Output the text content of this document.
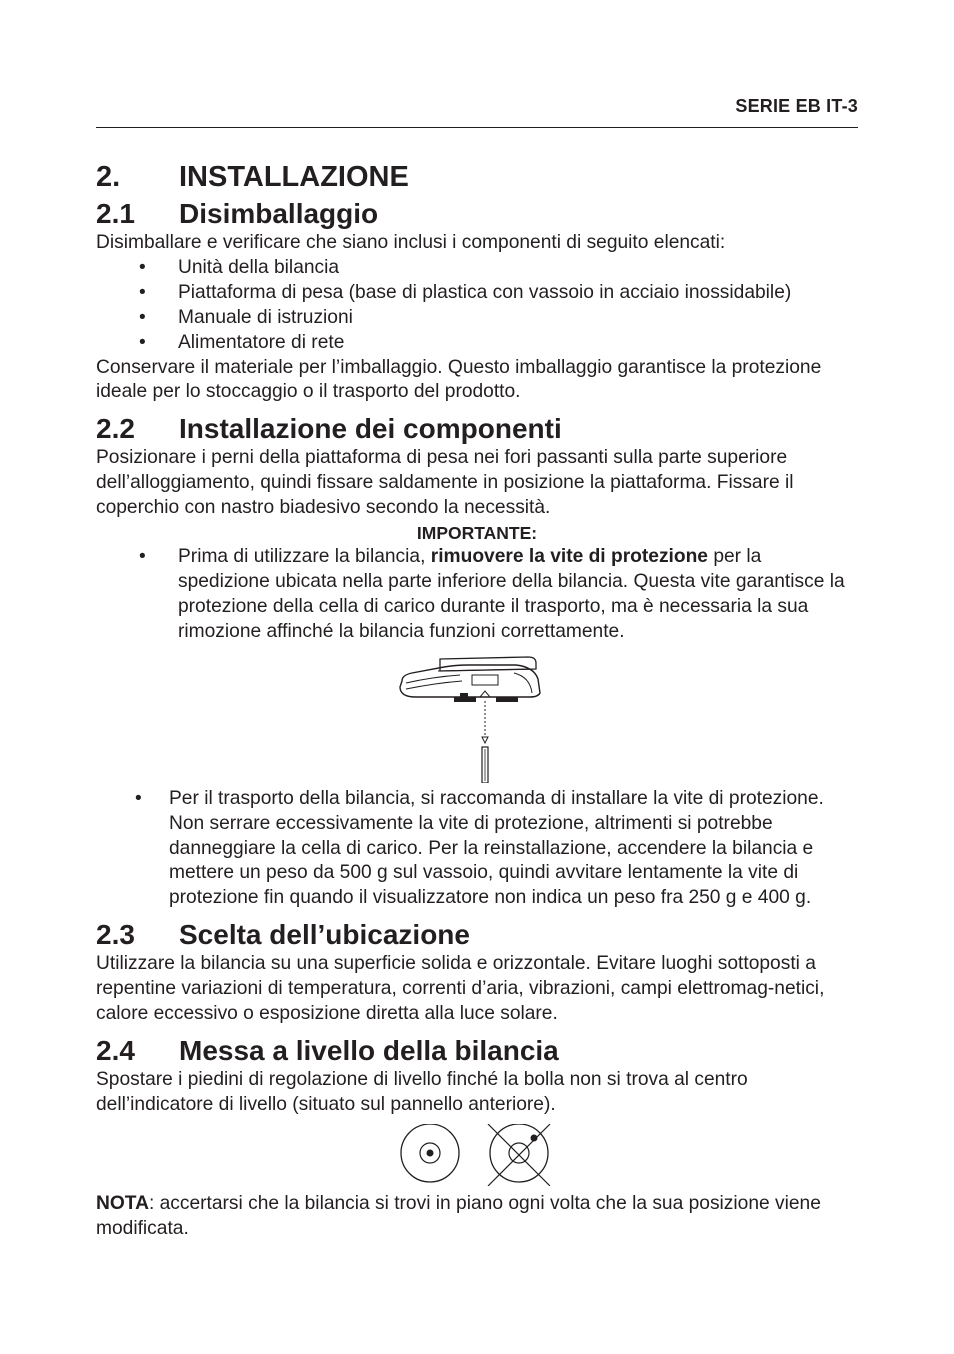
SERIE EB IT-3
2.	INSTALLAZIONE
2.1	Disimballaggio

Disimballare e verificare che siano inclusi i componenti di seguito elencati:

• Unità della bilancia
• Piattaforma di pesa (base di plastica con vassoio in acciaio inossidabile)
• Manuale di istruzioni
• Alimentatore di rete

Conservare il materiale per l’imballaggio. Questo imballaggio garantisce la protezione ideale per lo stoccaggio o il trasporto del prodotto.

2.2	Installazione dei componenti

Posizionare i perni della piattaforma di pesa nei fori passanti sulla parte superiore dell’alloggiamento, quindi fissare saldamente in posizione la piattaforma. Fissare il coperchio con nastro biadesivo secondo la necessità.

IMPORTANTE:
• Prima di utilizzare la bilancia, rimuovere la vite di protezione per la spedizione ubicata nella parte inferiore della bilancia. Questa vite garantisce la protezione della cella di carico durante il trasporto, ma è necessaria la sua rimozione affinché la bilancia funzioni correttamente.
• Per il trasporto della bilancia, si raccomanda di installare la vite di protezione. Non serrare eccessivamente la vite di protezione, altrimenti si potrebbe danneggiare la cella di carico. Per la reinstallazione, accendere la bilancia e mettere un peso da 500 g sul vassoio, quindi avvitare lentamente la vite di protezione fin quando il visualizzatore non indica un peso fra 250 g e 400 g.
2.3	Scelta dell’ubicazione

Utilizzare la bilancia su una superficie solida e orizzontale. Evitare luoghi sottoposti a repentine variazioni di temperatura, correnti d’aria, vibrazioni, campi elettromag-netici, calore eccessivo o esposizione diretta alla luce solare.

2.4	Messa a livello della bilancia

Spostare i piedini di regolazione di livello finché la bolla non si trova al centro dell’indicatore di livello (situato sul pannello anteriore).

NOTA: accertarsi che la bilancia si trovi in piano ogni volta che la sua posizione viene modificata.
